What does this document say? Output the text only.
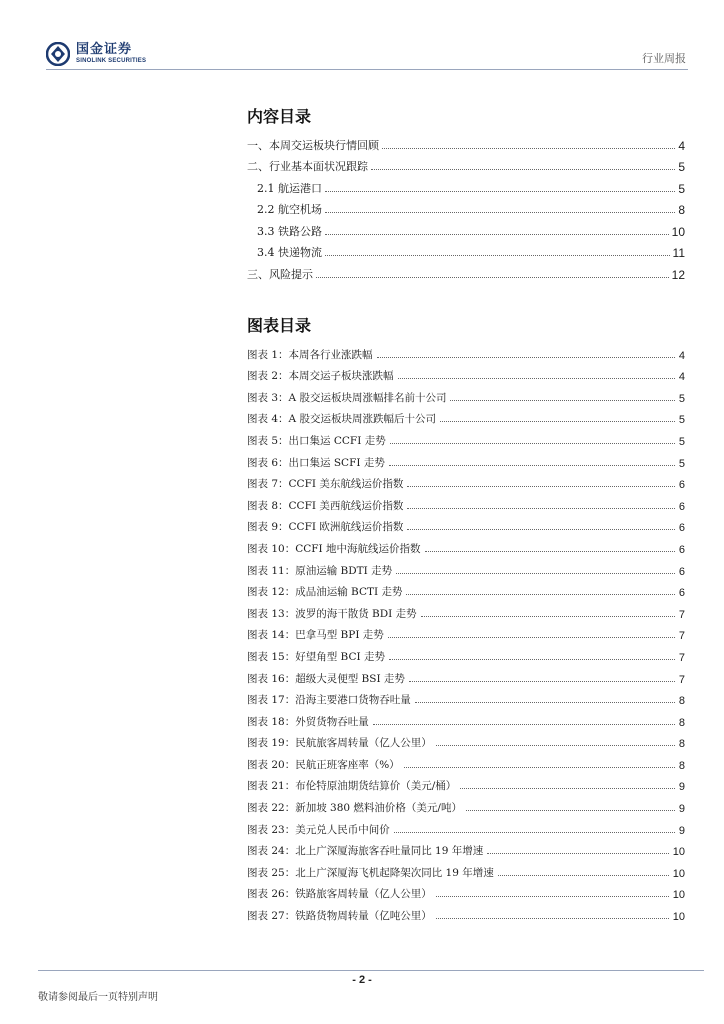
国金证券
SINOLINK SECURITIES	行业周报
内容目录
一、本周交运板块行情回顾	4
二、行业基本面状况跟踪	5
2.1 航运港口	5
2.2 航空机场	8
3.3 铁路公路	10
3.4 快递物流	11
三、风险提示	12
图表目录
图表 1：本周各行业涨跌幅	4
图表 2：本周交运子板块涨跌幅	4
图表 3：A 股交运板块周涨幅排名前十公司	5
图表 4：A 股交运板块周涨跌幅后十公司	5
图表 5：出口集运 CCFI 走势	5
图表 6：出口集运 SCFI 走势	5
图表 7：CCFI 美东航线运价指数	6
图表 8：CCFI 美西航线运价指数	6
图表 9：CCFI 欧洲航线运价指数	6
图表 10：CCFI 地中海航线运价指数	6
图表 11：原油运输 BDTI 走势	6
图表 12：成品油运输 BCTI 走势	6
图表 13：波罗的海干散货 BDI 走势	7
图表 14：巴拿马型 BPI 走势	7
图表 15：好望角型 BCI 走势	7
图表 16：超级大灵便型 BSI 走势	7
图表 17：沿海主要港口货物吞吐量	8
图表 18：外贸货物吞吐量	8
图表 19：民航旅客周转量（亿人公里）	8
图表 20：民航正班客座率（%）	8
图表 21：布伦特原油期货结算价（美元/桶）	9
图表 22：新加坡 380 燃料油价格（美元/吨）	9
图表 23：美元兑人民币中间价	9
图表 24：北上广深厦海旅客吞吐量同比 19 年增速	10
图表 25：北上广深厦海飞机起降架次同比 19 年增速	10
图表 26：铁路旅客周转量（亿人公里）	10
图表 27：铁路货物周转量（亿吨公里）	10
- 2 -
敬请参阅最后一页特别声明
